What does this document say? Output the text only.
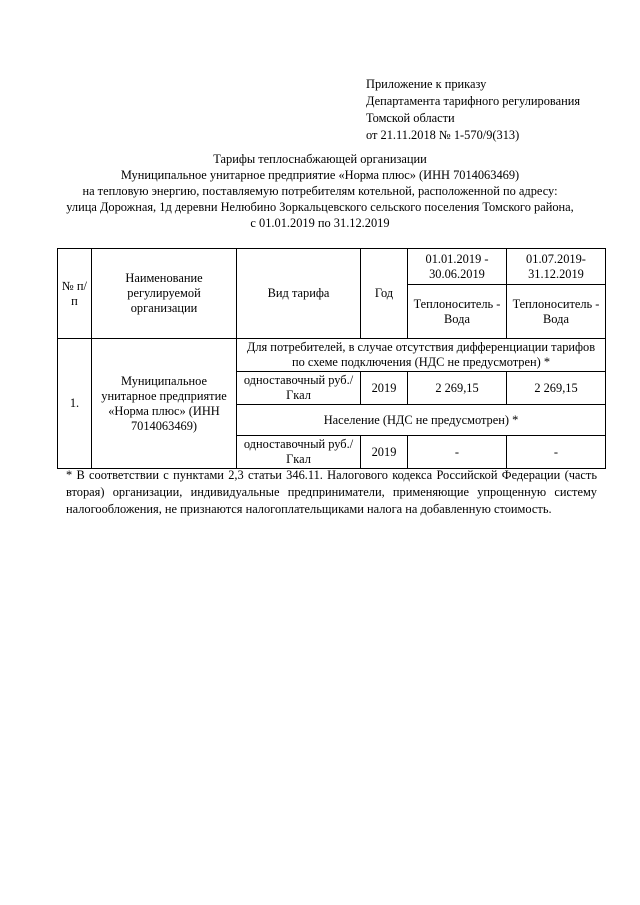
Приложение к приказу
Департамента тарифного регулирования
Томской области
от 21.11.2018 № 1-570/9(313)
Тарифы теплоснабжающей организации
Муниципальное унитарное предприятие «Норма плюс» (ИНН 7014063469)
на тепловую энергию, поставляемую потребителям котельной, расположенной по адресу:
улица Дорожная, 1д деревни Нелюбино Зоркальцевского сельского поселения Томского района,
с 01.01.2019 по 31.12.2019
№ п/п	Наименование регулируемой организации	Вид тарифа	Год	01.01.2019 - 30.06.2019	01.07.2019- 31.12.2019
				Теплоноситель - Вода	Теплоноситель - Вода
1.	Муниципальное унитарное предприятие «Норма плюс» (ИНН 7014063469)	Для потребителей, в случае отсутствия дифференциации тарифов по схеме подключения (НДС не предусмотрен) *			
		одноставочный руб./Гкал	2019	2 269,15	2 269,15
		Население (НДС не предусмотрен) *			
		одноставочный руб./Гкал	2019	-	-
* В соответствии с пунктами 2,3 статьи 346.11. Налогового кодекса Российской Федерации (часть вторая) организации, индивидуальные предприниматели, применяющие упрощенную систему налогообложения, не признаются налогоплательщиками налога на добавленную стоимость.
